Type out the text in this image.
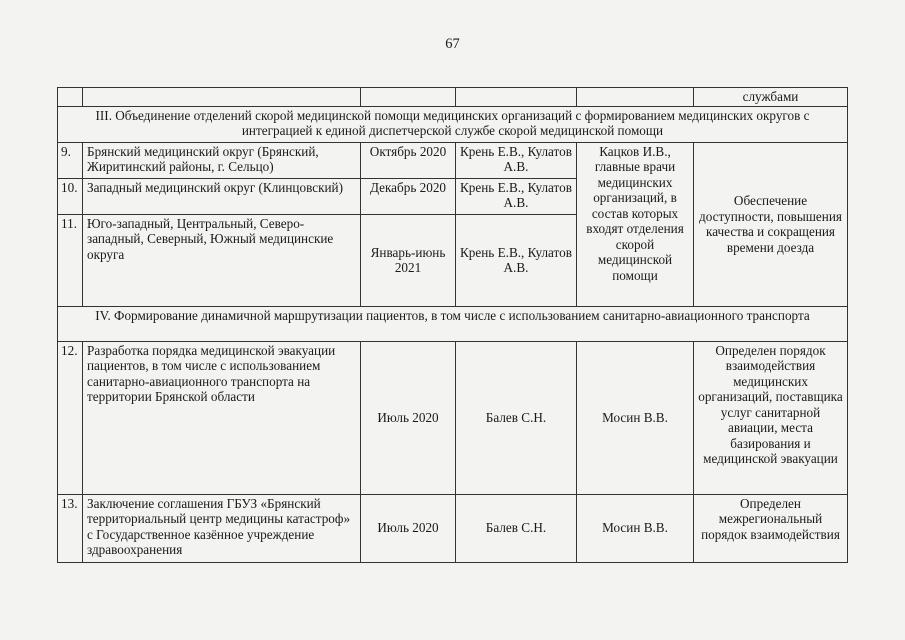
67
					службами
III. Объединение отделений скорой медицинской помощи медицинских организаций с формированием медицинских округов с интеграцией к единой диспетчерской службе скорой медицинской помощи					
9.	Брянский медицинский округ (Брянский, Жиритинский районы, г. Сельцо)	Октябрь 2020	Крень Е.В., Кулатов А.В.	Кацков И.В., главные врачи медицинских организаций, в состав которых входят отделения скорой медицинской помощи	Обеспечение доступности, повышения качества и сокращения времени доезда
10.	Западный медицинский округ (Клинцовский)	Декабрь 2020	Крень Е.В., Кулатов А.В.		
11.	Юго-западный, Центральный, Северо-западный, Северный, Южный медицинские округа	Январь-июнь 2021	Крень Е.В., Кулатов А.В.		
IV. Формирование динамичной маршрутизации пациентов, в том числе с использованием санитарно-авиационного транспорта					
12.	Разработка порядка медицинской эвакуации пациентов, в том числе с использованием санитарно-авиационного транспорта на территории Брянской области	Июль 2020	Балев С.Н.	Мосин В.В.	Определен порядок взаимодействия медицинских организаций, поставщика услуг санитарной авиации, места базирования и медицинской эвакуации
13.	Заключение соглашения ГБУЗ «Брянский территориальный центр медицины катастроф» с Государственное казённое учреждение здравоохранения	Июль 2020	Балев С.Н.	Мосин В.В.	Определен межрегиональный порядок взаимодействия
